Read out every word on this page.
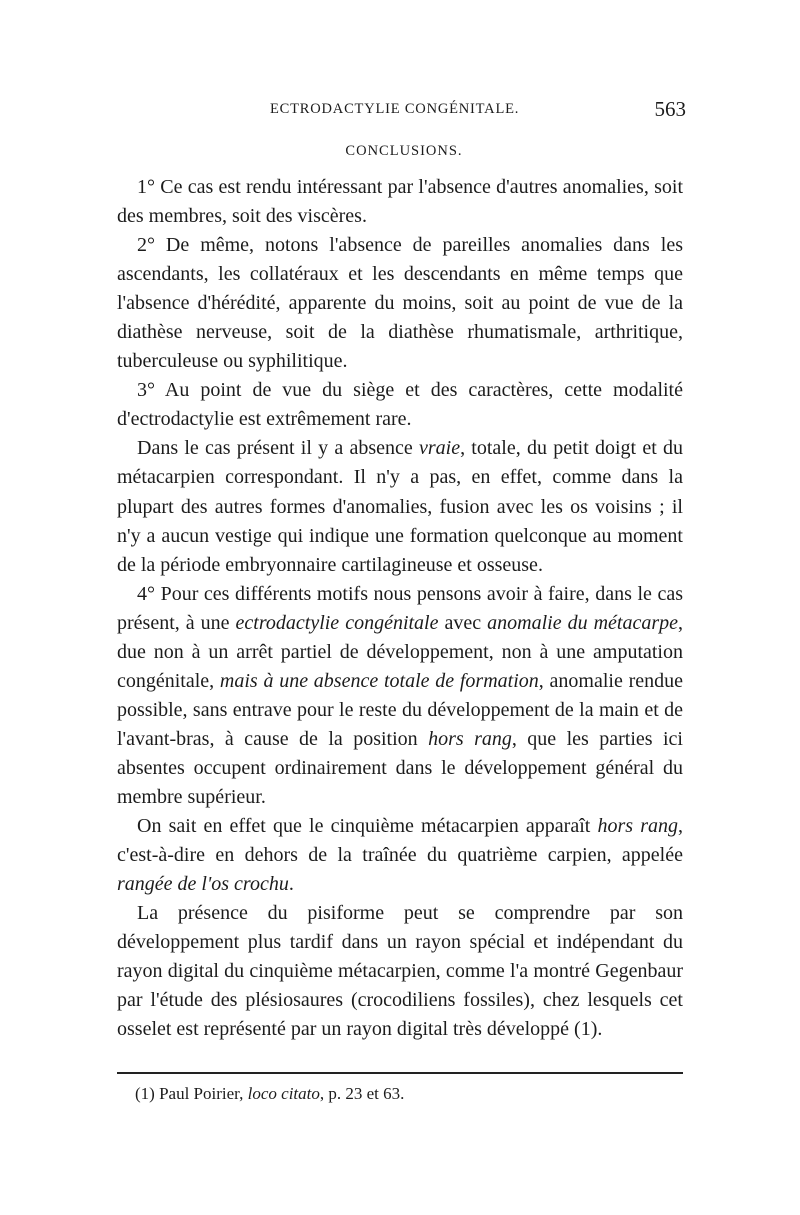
ECTRODACTYLIE CONGÉNITALE.	563
CONCLUSIONS.

1° Ce cas est rendu intéressant par l'absence d'autres anomalies, soit des membres, soit des viscères.

2° De même, notons l'absence de pareilles anomalies dans les ascendants, les collatéraux et les descendants en même temps que l'absence d'hérédité, apparente du moins, soit au point de vue de la diathèse nerveuse, soit de la diathèse rhumatismale, arthritique, tuberculeuse ou syphilitique.

3° Au point de vue du siège et des caractères, cette modalité d'ectrodactylie est extrêmement rare.

Dans le cas présent il y a absence vraie, totale, du petit doigt et du métacarpien correspondant. Il n'y a pas, en effet, comme dans la plupart des autres formes d'anomalies, fusion avec les os voisins ; il n'y a aucun vestige qui indique une formation quelconque au moment de la période embryonnaire cartilagineuse et osseuse.

4° Pour ces différents motifs nous pensons avoir à faire, dans le cas présent, à une ectrodactylie congénitale avec anomalie du métacarpe, due non à un arrêt partiel de développement, non à une amputation congénitale, mais à une absence totale de formation, anomalie rendue possible, sans entrave pour le reste du développement de la main et de l'avant-bras, à cause de la position hors rang, que les parties ici absentes occupent ordinairement dans le développement général du membre supérieur.

On sait en effet que le cinquième métacarpien apparaît hors rang, c'est-à-dire en dehors de la traînée du quatrième carpien, appelée rangée de l'os crochu.

La présence du pisiforme peut se comprendre par son développement plus tardif dans un rayon spécial et indépendant du rayon digital du cinquième métacarpien, comme l'a montré Gegenbaur par l'étude des plésiosaures (crocodiliens fossiles), chez lesquels cet osselet est représenté par un rayon digital très développé (1).

(1) Paul Poirier, loco citato, p. 23 et 63.
